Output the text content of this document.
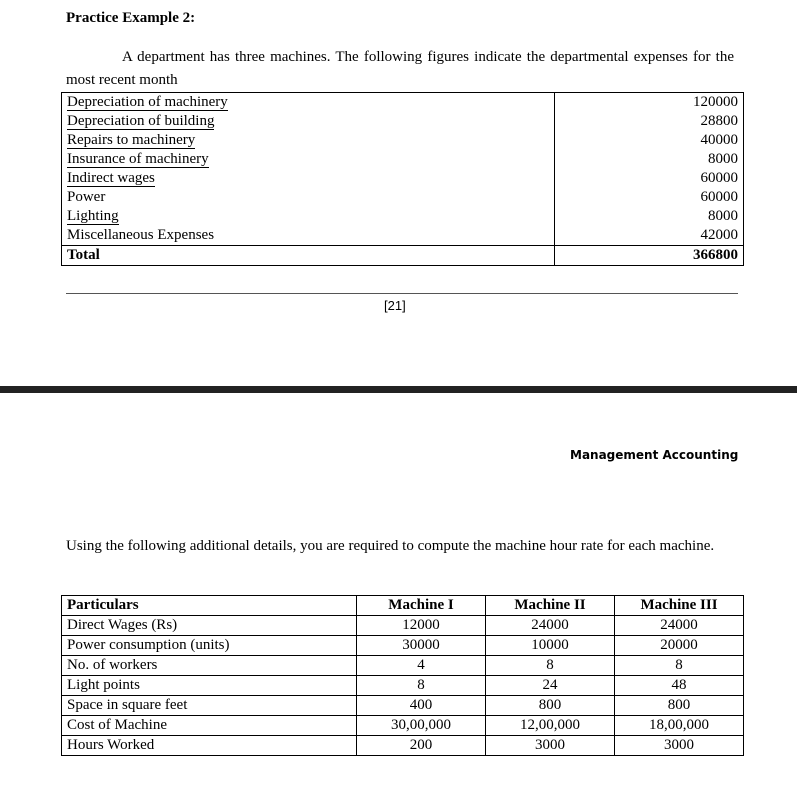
Practice Example 2:
A department has three machines. The following figures indicate the departmental expenses for the most recent month
Depreciation of machinery	120000
Depreciation of building	28800
Repairs to machinery	40000
Insurance of machinery	8000
Indirect wages	60000
Power	60000
Lighting	8000
Miscellaneous Expenses	42000
Total	366800
[21]
Management Accounting
Using the following additional details, you are required to compute the machine hour rate for each machine.
Particulars	Machine I	Machine II	Machine III
Direct Wages (Rs)	12000	24000	24000
Power consumption (units)	30000	10000	20000
No. of workers	4	8	8
Light points	8	24	48
Space in square feet	400	800	800
Cost of Machine	30,00,000	12,00,000	18,00,000
Hours Worked	200	3000	3000
